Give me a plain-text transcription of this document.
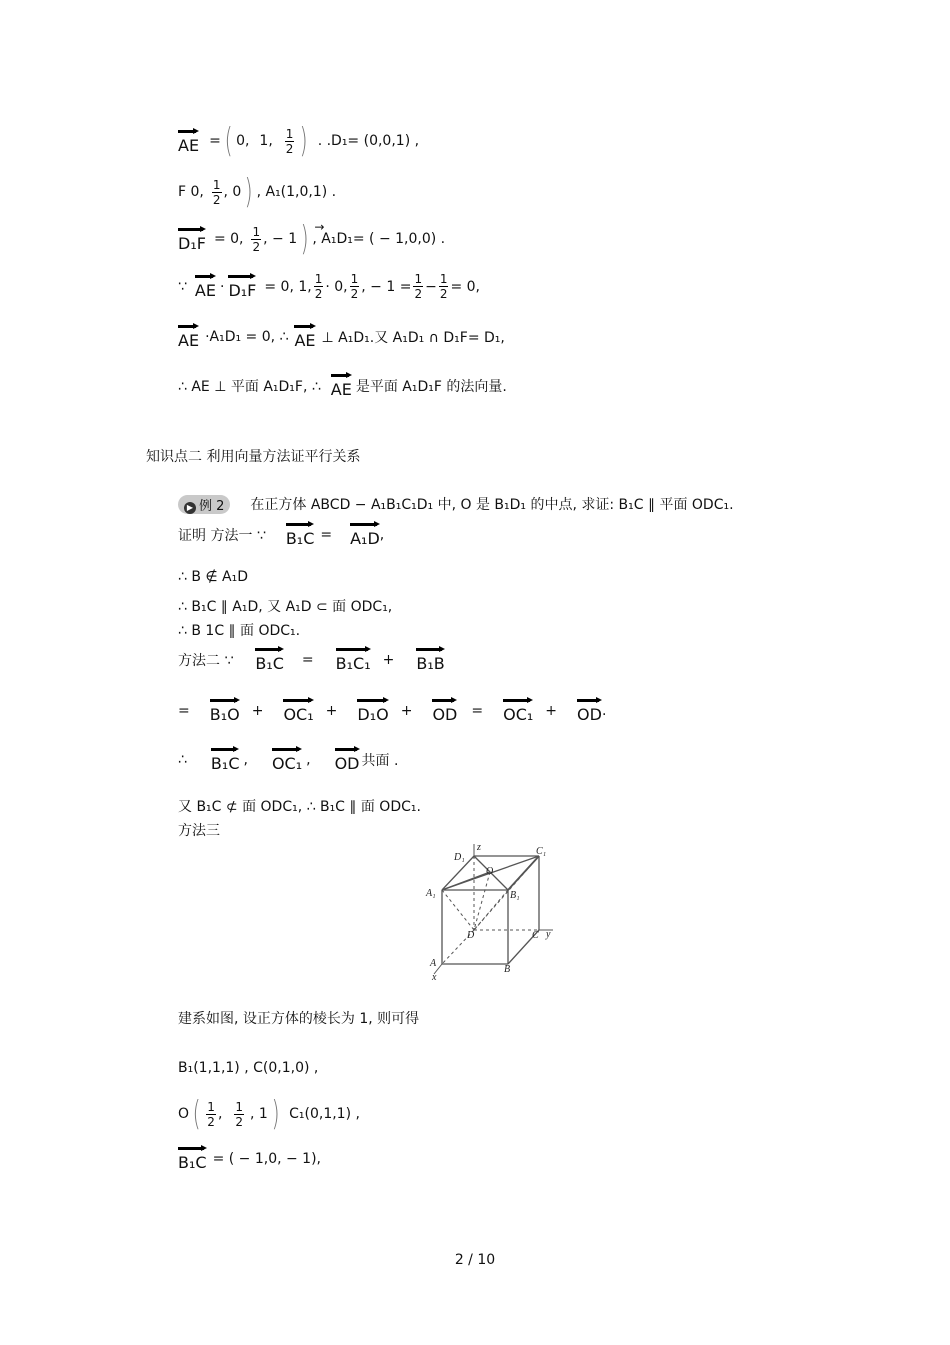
AE = ( 0, 1, $\frac{1}{2}$ ) . .D₁= (0,0,1) ,
F 0, $\frac{1}{2}$ , 0 ) , A₁(1,0,1) .
D₁F = 0, $\frac{1}{2}$ , − 1 )
→ , A₁D₁ = ( − 1,0,0) .
∵ AE · D₁F = 0, 1, $\frac{1}{2} \cdot 0$, $\frac{1}{2}$ , − $1 = \frac{1}{2} - \frac{1}{2} = 0$,
AE ·A₁D₁ = 0, ∴ AE ⊥ A₁D₁.又 A₁D₁ ∩ D₁F= D₁,
∴ AE ⊥ 平面 A₁D₁F, ∴ AE 是平面 A₁D₁F 的法向量.
知识点二 利用向量方法证平行关系
▶ 例 2	在正方体 ABCD − A₁B₁C₁D₁ 中, O 是 B₁D₁ 的中点, 求证: B₁C ∥ 平面 ODC₁.
证明 方法一 ∵ B₁C = A₁D ,
∴ B ∉ A₁D
∴ B₁C ∥ A₁D, 又 A₁D ⊂ 面 ODC₁,
∴ B 1C ∥ 面 ODC₁.
方法二 ∵ B₁C = B₁C₁ + B₁B
= B₁O + OC₁ + D₁O + OD = OC₁ + OD .
∴ B₁C , OC₁ , OD 共面 .
又 B₁C ⊄ 面 ODC₁, ∴ B₁C ∥ 面 ODC₁.
方法三
D₁
z	C₁
O
A₁	B₁
D	C y
A
x
B
建系如图, 设正方体的棱长为 1, 则可得
B₁(1,1,1) , C(0,1,0) ,
O ( $\frac{1}{2}$ , $\frac{1}{2}$ , 1 ) C₁(0,1,1) ,
B₁C = ( − 1,0, − 1),
2 / 10
